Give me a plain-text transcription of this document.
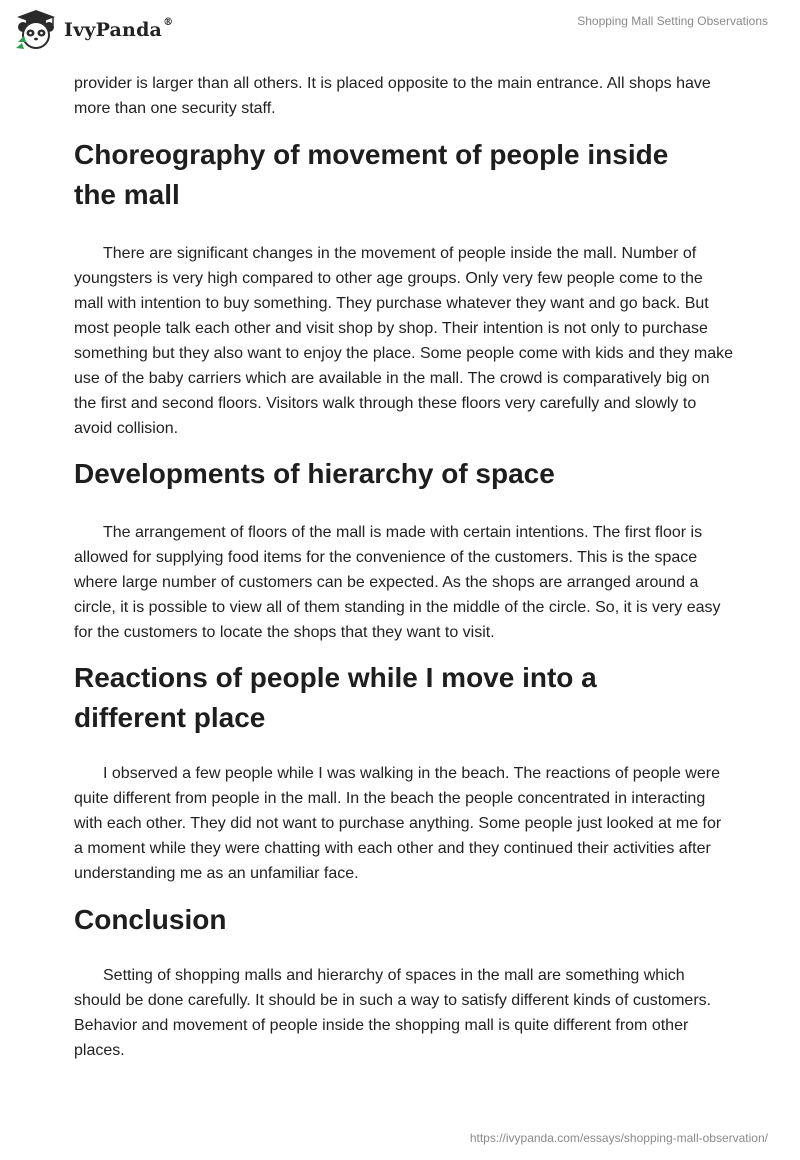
IvyPanda®	Shopping Mall Setting Observations

provider is larger than all others. It is placed opposite to the main entrance. All shops have more than one security staff.

Choreography of movement of people inside the mall

There are significant changes in the movement of people inside the mall. Number of youngsters is very high compared to other age groups. Only very few people come to the mall with intention to buy something. They purchase whatever they want and go back. But most people talk each other and visit shop by shop. Their intention is not only to purchase something but they also want to enjoy the place. Some people come with kids and they make use of the baby carriers which are available in the mall. The crowd is comparatively big on the first and second floors. Visitors walk through these floors very carefully and slowly to avoid collision.

Developments of hierarchy of space

The arrangement of floors of the mall is made with certain intentions. The first floor is allowed for supplying food items for the convenience of the customers. This is the space where large number of customers can be expected. As the shops are arranged around a circle, it is possible to view all of them standing in the middle of the circle. So, it is very easy for the customers to locate the shops that they want to visit.

Reactions of people while I move into a different place

I observed a few people while I was walking in the beach. The reactions of people were quite different from people in the mall. In the beach the people concentrated in interacting with each other. They did not want to purchase anything. Some people just looked at me for a moment while they were chatting with each other and they continued their activities after understanding me as an unfamiliar face.

Conclusion

Setting of shopping malls and hierarchy of spaces in the mall are something which should be done carefully. It should be in such a way to satisfy different kinds of customers. Behavior and movement of people inside the shopping mall is quite different from other places.

https://ivypanda.com/essays/shopping-mall-observation/
